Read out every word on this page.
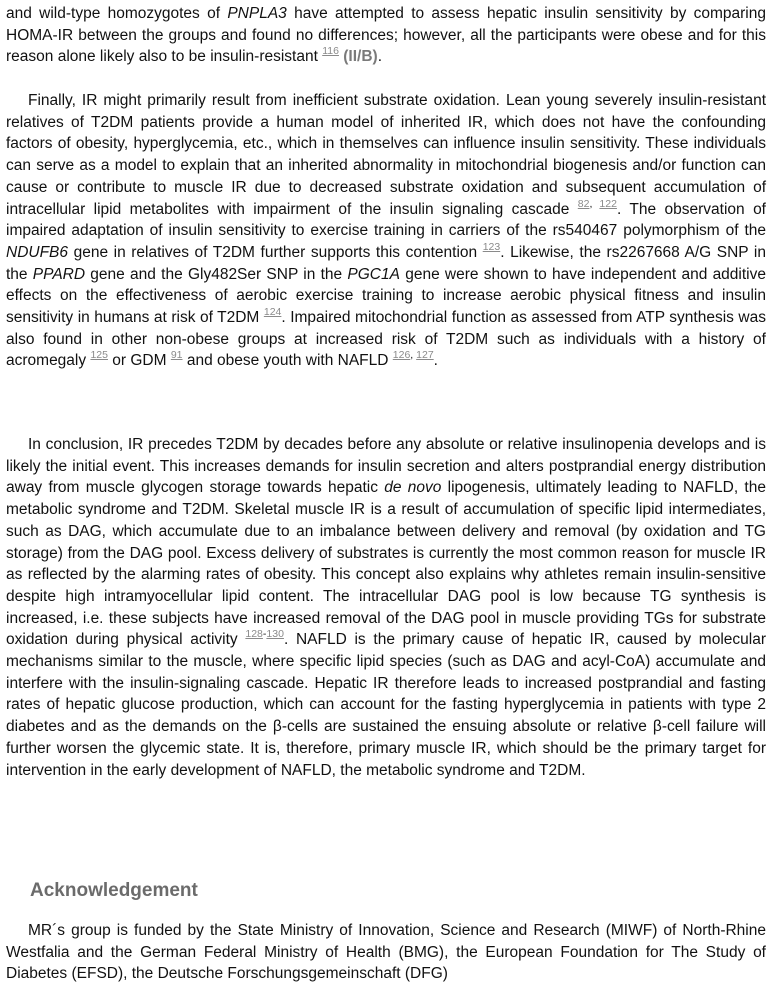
and wild-type homozygotes of PNPLA3 have attempted to assess hepatic insulin sensitivity by comparing HOMA-IR between the groups and found no differences; however, all the participants were obese and for this reason alone likely also to be insulin-resistant $^{116}$ (II/B).

Finally, IR might primarily result from inefficient substrate oxidation. Lean young severely insulin-resistant relatives of T2DM patients provide a human model of inherited IR, which does not have the confounding factors of obesity, hyperglycemia, etc., which in themselves can influence insulin sensitivity. These individuals can serve as a model to explain that an inherited abnormality in mitochondrial biogenesis and/or function can cause or contribute to muscle IR due to decreased substrate oxidation and subsequent accumulation of intracellular lipid metabolites with impairment of the insulin signaling cascade $^{82, 122}$. The observation of impaired adaptation of insulin sensitivity to exercise training in carriers of the rs540467 polymorphism of the NDUFB6 gene in relatives of T2DM further supports this contention $^{123}$. Likewise, the rs2267668 A/G SNP in the PPARD gene and the Gly482Ser SNP in the PGC1A gene were shown to have independent and additive effects on the effectiveness of aerobic exercise training to increase aerobic physical fitness and insulin sensitivity in humans at risk of T2DM $^{124}$. Impaired mitochondrial function as assessed from ATP synthesis was also found in other non-obese groups at increased risk of T2DM such as individuals with a history of acromegaly $^{125}$ or GDM $^{91}$ and obese youth with NAFLD $^{126, 127}$.

In conclusion, IR precedes T2DM by decades before any absolute or relative insulinopenia develops and is likely the initial event. This increases demands for insulin secretion and alters postprandial energy distribution away from muscle glycogen storage towards hepatic de novo lipogenesis, ultimately leading to NAFLD, the metabolic syndrome and T2DM. Skeletal muscle IR is a result of accumulation of specific lipid intermediates, such as DAG, which accumulate due to an imbalance between delivery and removal (by oxidation and TG storage) from the DAG pool. Excess delivery of substrates is currently the most common reason for muscle IR as reflected by the alarming rates of obesity. This concept also explains why athletes remain insulin-sensitive despite high intramyocellular lipid content. The intracellular DAG pool is low because TG synthesis is increased, i.e. these subjects have increased removal of the DAG pool in muscle providing TGs for substrate oxidation during physical activity $^{128-130}$. NAFLD is the primary cause of hepatic IR, caused by molecular mechanisms similar to the muscle, where specific lipid species (such as DAG and acyl-CoA) accumulate and interfere with the insulin-signaling cascade. Hepatic IR therefore leads to increased postprandial and fasting rates of hepatic glucose production, which can account for the fasting hyperglycemia in patients with type 2 diabetes and as the demands on the β-cells are sustained the ensuing absolute or relative β-cell failure will further worsen the glycemic state. It is, therefore, primary muscle IR, which should be the primary target for intervention in the early development of NAFLD, the metabolic syndrome and T2DM.

Acknowledgement

MR´s group is funded by the State Ministry of Innovation, Science and Research (MIWF) of North-Rhine Westfalia and the German Federal Ministry of Health (BMG), the European Foundation for The Study of Diabetes (EFSD), the Deutsche Forschungsgemeinschaft (DFG)
